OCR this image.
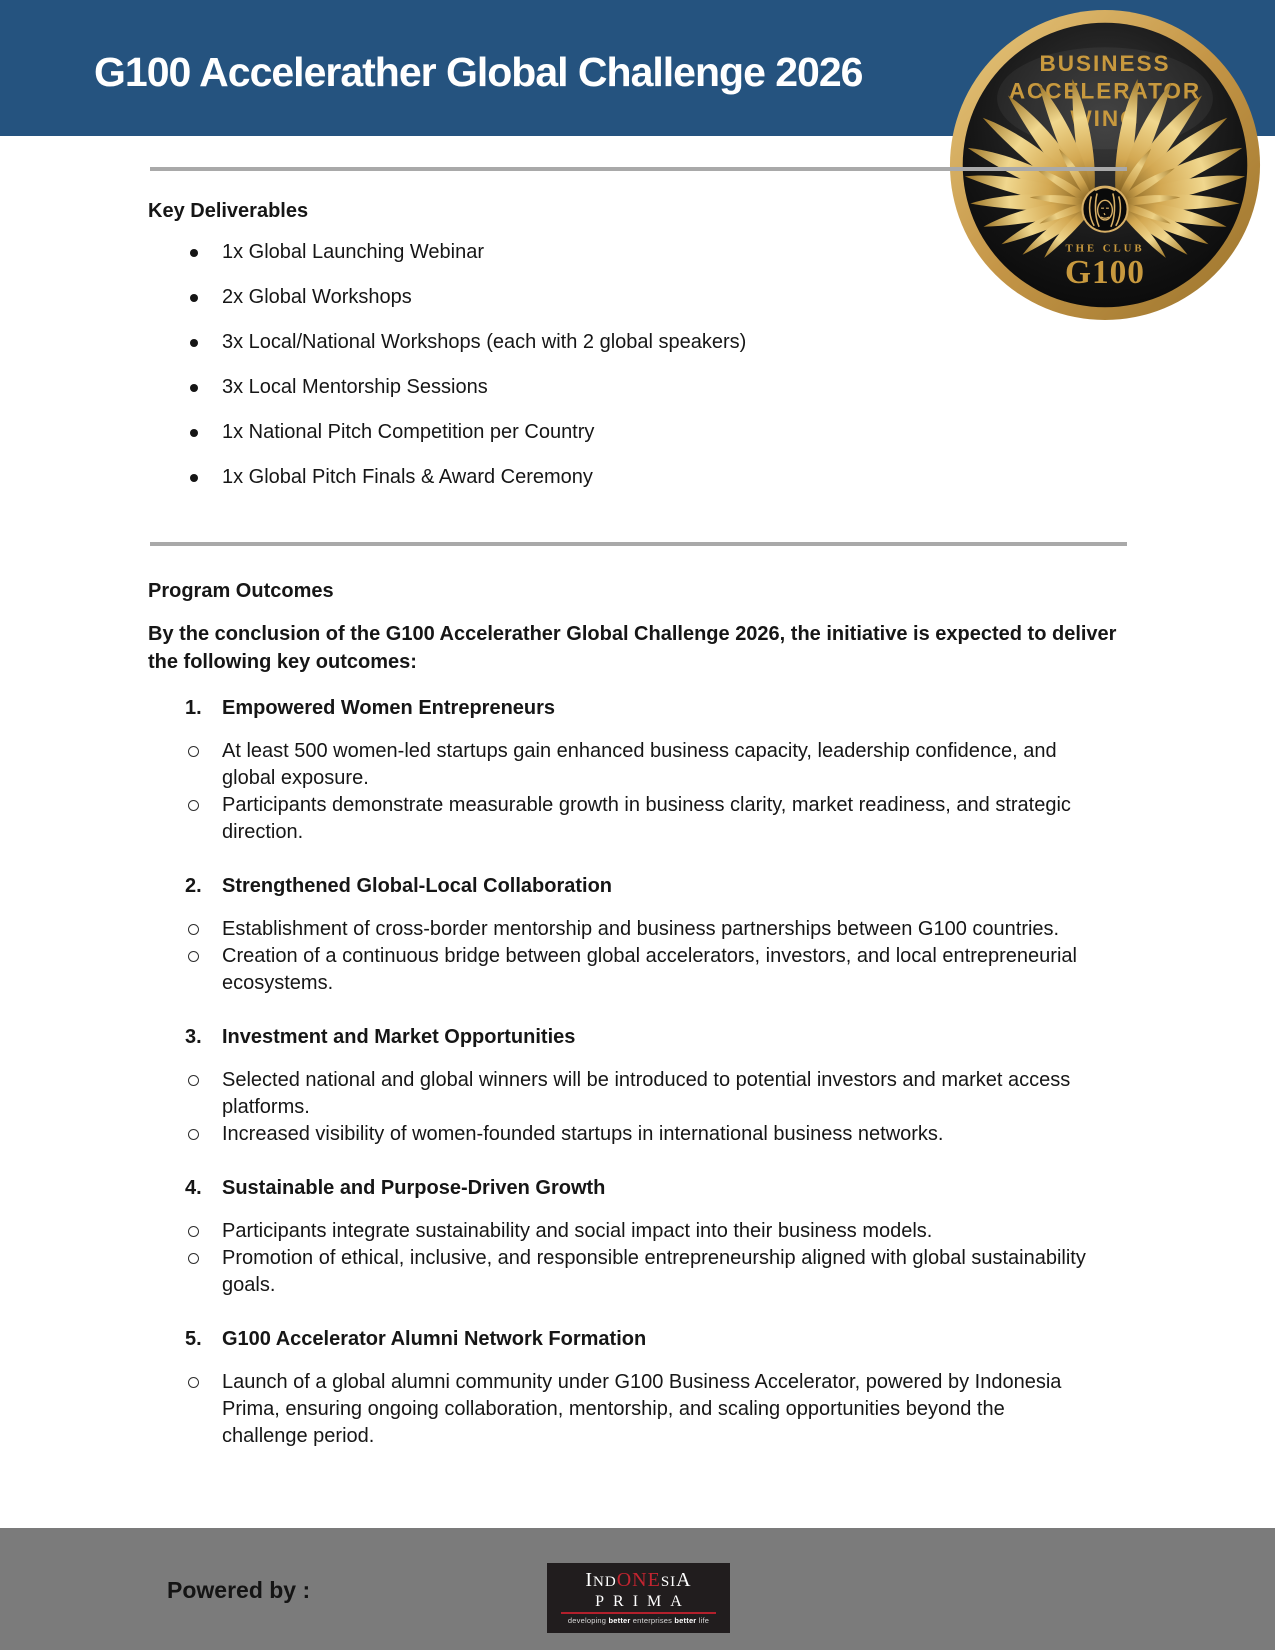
G100 Accelerather Global Challenge 2026	BUSINESS
ACCELERATOR
WING
THE CLUB
G100

Key Deliverables

1x Global Launching Webinar
2x Global Workshops
3x Local/National Workshops (each with 2 global speakers)
3x Local Mentorship Sessions
1x National Pitch Competition per Country
1x Global Pitch Finals & Award Ceremony

Program Outcomes

By the conclusion of the G100 Accelerather Global Challenge 2026, the initiative is expected to deliver the following key outcomes:

1. Empowered Women Entrepreneurs
At least 500 women-led startups gain enhanced business capacity, leadership confidence, and global exposure.
Participants demonstrate measurable growth in business clarity, market readiness, and strategic direction.
2. Strengthened Global-Local Collaboration
Establishment of cross-border mentorship and business partnerships between G100 countries.
Creation of a continuous bridge between global accelerators, investors, and local entrepreneurial ecosystems.
3. Investment and Market Opportunities
Selected national and global winners will be introduced to potential investors and market access platforms.
Increased visibility of women-founded startups in international business networks.
4. Sustainable and Purpose-Driven Growth
Participants integrate sustainability and social impact into their business models.
Promotion of ethical, inclusive, and responsible entrepreneurship aligned with global sustainability goals.
5. G100 Accelerator Alumni Network Formation
Launch of a global alumni community under G100 Business Accelerator, powered by Indonesia Prima, ensuring ongoing collaboration, mentorship, and scaling opportunities beyond the challenge period.
Powered by :	INDONESIA
PRIMA
developing better enterprises better life
